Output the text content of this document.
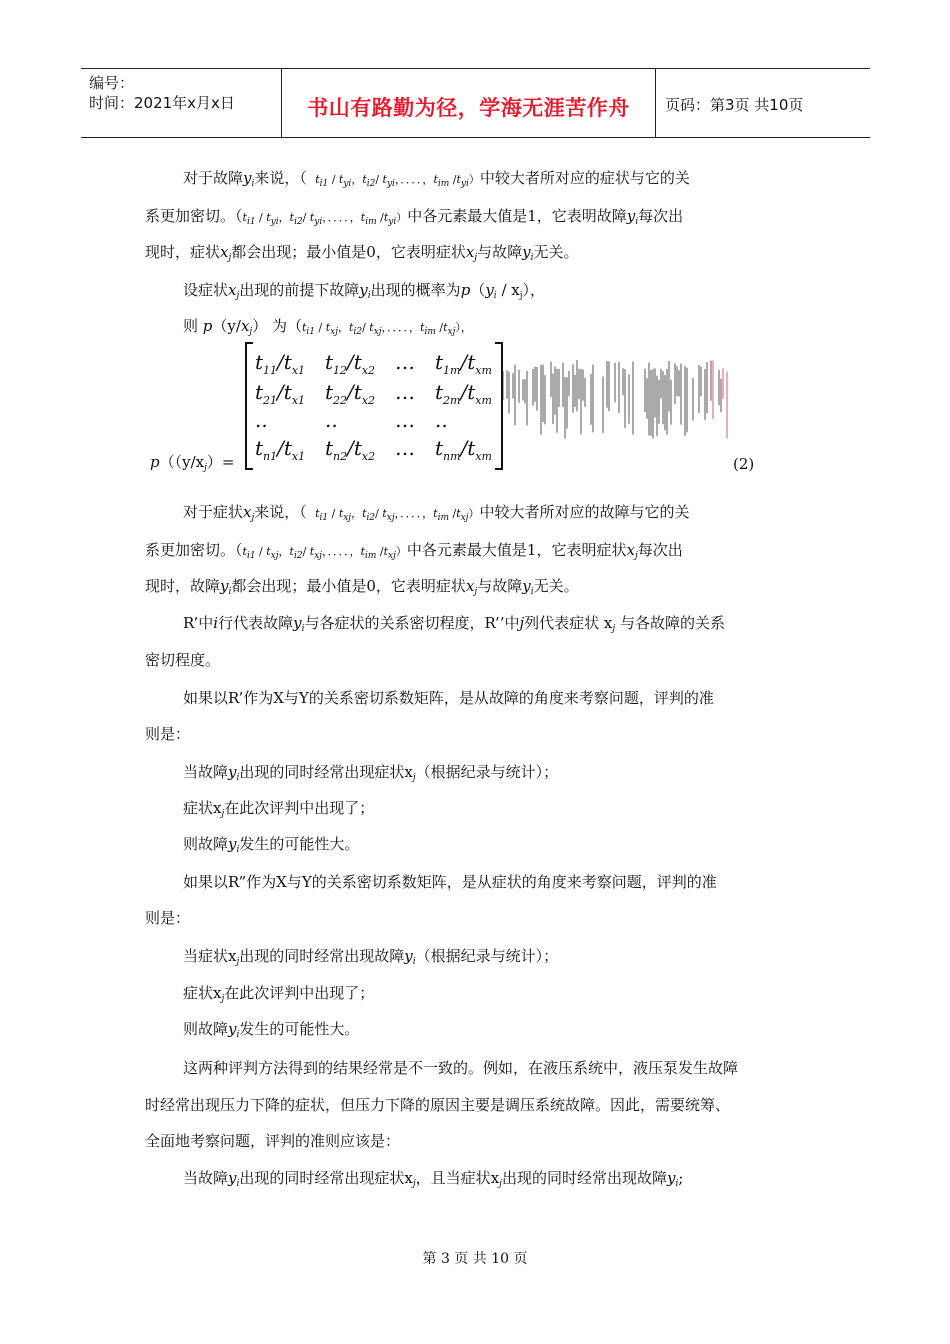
编号：
时间：2021年x月x日	书山有路勤为径，学海无涯苦作舟	页码：第3页 共10页
对于故障$y_i$来说，（ $t_{i1} / t_{yi}$，$t_{i2}/$ $t_{yi}$，．．．．，$t_{im}$ $/t_{yi}$）中较大者所对应的症状与它的关
系更加密切。（$t_{i1} / t_{yi}$，$t_{i2}/$ $t_{yi}$，．．．．，$t_{im}$ $/t_{yi}$）中各元素最大值是1，它表明故障$y_i$每次出
现时，症状$x_j$都会出现；最小值是0，它表明症状$x_j$与故障$y_i$无关。
设症状$x_j$出现的前提下故障$y_i$出现的概率为$p(y_i / x_j)$，
则 $p(y/x_j)$ 为（$t_{i1} / t_{xj}$，$t_{i2}/$ $t_{xj}$，．．．．，$t_{im}$ $/t_{xj}$），
$p((y/x_j)=$
$t_{11}/t_{x1}$ $t_{12}/t_{x2}$ … $t_{1m}/t_{xm}$
$t_{21}/t_{x1}$ $t_{22}/t_{x2}$ … $t_{2m}/t_{xm}$
..	..	… ..
$t_{n1}/t_{x1}$ $t_{n2}/t_{x2}$ … $t_{nm}/t_{xm}$	(2)
对于症状$x_j$来说，（ $t_{i1} / t_{xj}$，$t_{i2}/$ $t_{xj}$，．．．．，$t_{im}$ $/t_{xj}$）中较大者所对应的故障与它的关
系更加密切。（$t_{i1} / t_{xj}$，$t_{i2}/$ $t_{xj}$，．．．．，$t_{im}$ $/t_{xj}$）中各元素最大值是1，它表明症状$x_j$每次出
现时，故障$y_i$都会出现；最小值是0，它表明症状$x_j$与故障$y_i$无关。
R’中i行代表故障$y_i$与各症状的关系密切程度，R’’中j列代表症状 $x_j$ 与各故障的关系
密切程度。
如果以R’作为X与Y的关系密切系数矩阵，是从故障的角度来考察问题，评判的准
则是：
当故障$y_i$出现的同时经常出现症状$x_j$（根据纪录与统计）；
症状$x_j$在此次评判中出现了；
则故障$y_i$发生的可能性大。
如果以R”作为X与Y的关系密切系数矩阵，是从症状的角度来考察问题，评判的准
则是：
当症状$x_j$出现的同时经常出现故障$y_i$（根据纪录与统计）；
症状$x_j$在此次评判中出现了；
则故障$y_i$发生的可能性大。
这两种评判方法得到的结果经常是不一致的。例如，在液压系统中，液压泵发生故障
时经常出现压力下降的症状，但压力下降的原因主要是调压系统故障。因此，需要统筹、
全面地考察问题，评判的准则应该是：
当故障$y_i$出现的同时经常出现症状$x_j$，且当症状$x_j$出现的同时经常出现故障$y_i$;
第 3 页 共 10 页
